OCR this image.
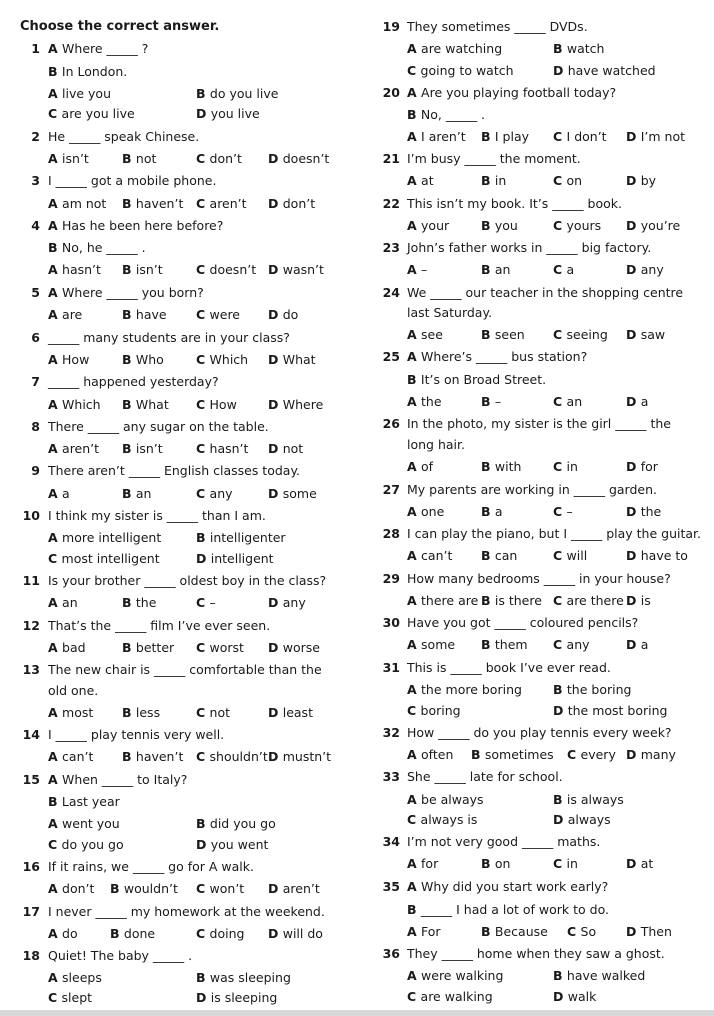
Choose the correct answer.
1 A Where _____ ?
B In London.
A live you	B do you live
C are you live	D you live
2 He _____ speak Chinese.
A isn’t	B not	C don’t D doesn’t
3 I _____ got a mobile phone.
A am not B haven’t C aren’t D don’t
4 A Has he been here before?
B No, he _____ .
A hasn’t B isn’t	C doesn’t D wasn’t
5 A Where _____ you born?
A are	B have C were D do
6 _____ many students are in your class?
A How	B Who	C Which D What
7 _____ happened yesterday?
A Which B What C How D Where
8 There _____ any sugar on the table.
A aren’t B isn’t	C hasn’t D not
9 There aren’t _____ English classes today.
A a	B an	C any	D some
10 I think my sister is _____ than I am.
A more intelligent	B intelligenter
C most intelligent	D intelligent
11 Is your brother _____ oldest boy in the class?
A an	B the	C –	D any
12 That’s the _____ film I’ve ever seen.
A bad	B better C worst D worse
13 The new chair is _____ comfortable than the
old one.
A most B less	C not	D least
14 I _____ play tennis very well.
A can’t B haven’t C shouldn’t D mustn’t
15 A When _____ to Italy?
B Last year
A went you	B did you go
C do you go	D you went
16 If it rains, we _____ go for A walk.
A don’t B wouldn’t C won’t D aren’t
17 I never _____ my homework at the weekend.
A do	B done	C doing D will do
18 Quiet! The baby _____ .
A sleeps	B was sleeping
C slept	D is sleeping
19 They sometimes _____ DVDs.
A are watching	B watch
C going to watch	D have watched
20 A Are you playing football today?
B No, _____ .
A I aren’t B I play C I don’t D I’m not
21 I’m busy _____ the moment.
A at	B in	C on	D by
22 This isn’t my book. It’s _____ book.
A your	B you	C yours D you’re
23 John’s father works in _____ big factory.
A –	B an	C a	D any
24 We _____ our teacher in the shopping centre
last Saturday.
A see	B seen C seeing D saw
25 A Where’s _____ bus station?
B It’s on Broad Street.
A the	B –	C an	D a
26 In the photo, my sister is the girl _____ the
long hair.
A of	B with	C in	D for
27 My parents are working in _____ garden.
A one	B a	C –	D the
28 I can play the piano, but I _____ play the guitar.
A can’t B can	C will	D have to
29 How many bedrooms _____ in your house?
A there are B is there C are there D is
30 Have you got _____ coloured pencils?
A some B them C any	D a
31 This is _____ book I’ve ever read.
A the more boring B the boring
C boring	D the most boring
32 How _____ do you play tennis every week?
A often B sometimes C every D many
33 She _____ late for school.
A be always	B is always
C always is	D always
34 I’m not very good _____ maths.
A for	B on	C in	D at
35 A Why did you start work early?
B _____ I had a lot of work to do.
A For	B Because C So D Then
36 They _____ home when they saw a ghost.
A were walking	B have walked
C are walking	D walk
